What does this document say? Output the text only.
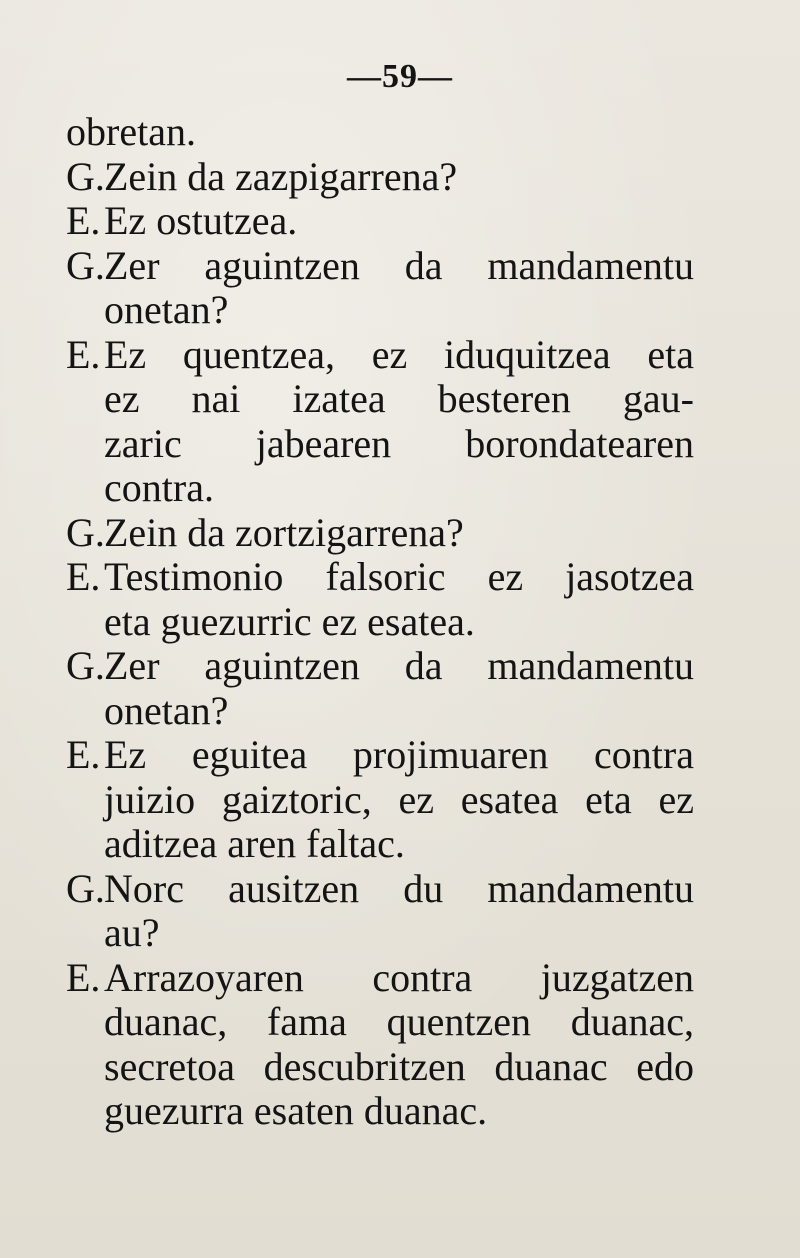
—59—
obretan.
G.Zein da zazpigarrena?
E.Ez ostutzea.
G.Zer aguintzen da mandamentu
onetan?
E.Ez quentzea, ez iduquitzea eta
ez nai izatea besteren gau-
zaric jabearen borondatearen
contra.
G.Zein da zortzigarrena?
E.Testimonio falsoric ez jasotzea
eta guezurric ez esatea.
G.Zer aguintzen da mandamentu
onetan?
E.Ez eguitea projimuaren contra
juizio gaiztoric, ez esatea eta ez
aditzea aren faltac.
G.Norc ausitzen du mandamentu
au?
E.Arrazoyaren contra juzgatzen
duanac, fama quentzen duanac,
secretoa descubritzen duanac edo
guezurra esaten duanac.
